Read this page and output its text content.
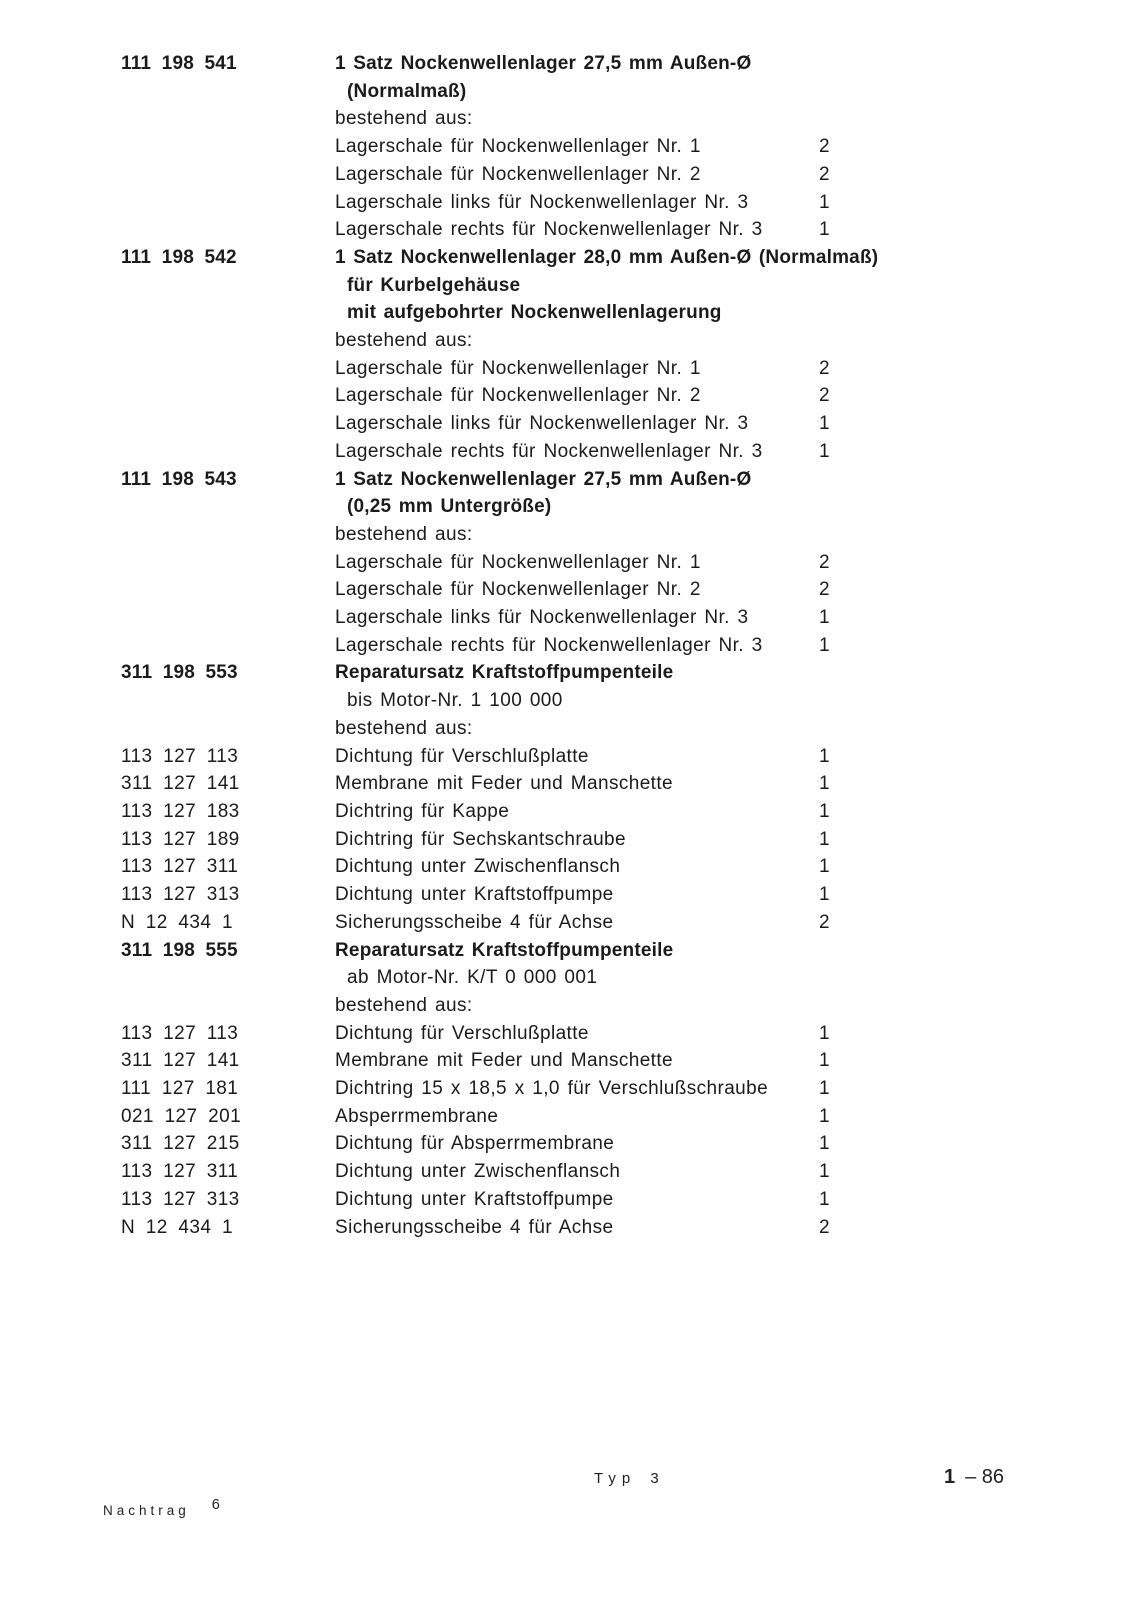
111 198 541	1 Satz Nockenwellenlager 27,5 mm Außen-Ø
(Normalmaß)
bestehend aus:
Lagerschale für Nockenwellenlager Nr. 1	2
Lagerschale für Nockenwellenlager Nr. 2	2
Lagerschale links für Nockenwellenlager Nr. 3	1
Lagerschale rechts für Nockenwellenlager Nr. 3	1
111 198 542	1 Satz Nockenwellenlager 28,0 mm Außen-Ø (Normalmaß)
für Kurbelgehäuse
mit aufgebohrter Nockenwellenlagerung
bestehend aus:
Lagerschale für Nockenwellenlager Nr. 1	2
Lagerschale für Nockenwellenlager Nr. 2	2
Lagerschale links für Nockenwellenlager Nr. 3	1
Lagerschale rechts für Nockenwellenlager Nr. 3	1
111 198 543	1 Satz Nockenwellenlager 27,5 mm Außen-Ø
(0,25 mm Untergröße)
bestehend aus:
Lagerschale für Nockenwellenlager Nr. 1	2
Lagerschale für Nockenwellenlager Nr. 2	2
Lagerschale links für Nockenwellenlager Nr. 3	1
Lagerschale rechts für Nockenwellenlager Nr. 3	1
311 198 553	Reparatursatz Kraftstoffpumpenteile
bis Motor-Nr. 1 100 000
bestehend aus:
113 127 113	Dichtung für Verschlußplatte	1
311 127 141	Membrane mit Feder und Manschette	1
113 127 183	Dichtring für Kappe	1
113 127 189	Dichtring für Sechskantschraube	1
113 127 311	Dichtung unter Zwischenflansch	1
113 127 313	Dichtung unter Kraftstoffpumpe	1
N 12 434 1	Sicherungsscheibe 4 für Achse	2
311 198 555	Reparatursatz Kraftstoffpumpenteile
ab Motor-Nr. K/T 0 000 001
bestehend aus:
113 127 113	Dichtung für Verschlußplatte	1
311 127 141	Membrane mit Feder und Manschette	1
111 127 181	Dichtring 15 x 18,5 x 1,0 für Verschlußschraube	1
021 127 201	Absperrmembrane	1
311 127 215	Dichtung für Absperrmembrane	1
113 127 311	Dichtung unter Zwischenflansch	1
113 127 313	Dichtung unter Kraftstoffpumpe	1
N 12 434 1	Sicherungsscheibe 4 für Achse	2
Typ 3	1 – 86
Nachtrag 6
